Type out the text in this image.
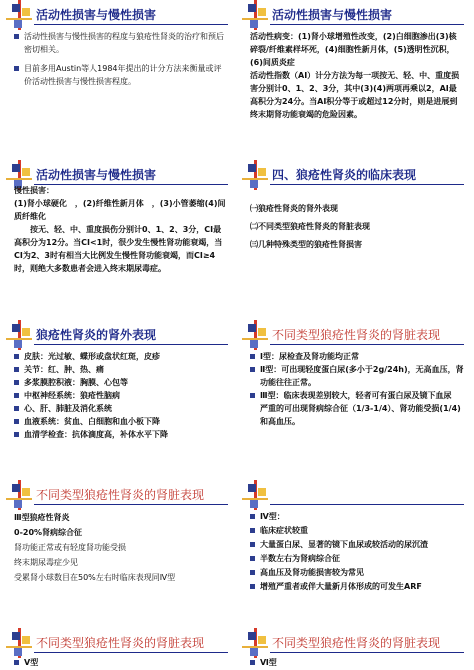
活动性损害与慢性损害
活动性损害与慢性损害的程度与狼疮性肾炎的治疗和预后密切相关。
目前多用Austin等人1984年提出的计分方法来衡量或评价活动性损害与慢性损害程度。
活动性损害与慢性损害
活动性病变：(1)肾小球增殖性改变，(2)白细胞渗出(3)核碎裂/纤维素样坏死，(4)细胞性新月体，(5)透明性沉积，(6)间质炎症
活动性指数（AI）计分方法为每一项按无、轻、中、重度损害分别计0、1、2、3分，其中(3)(4)两项再乘以2，AI最高积分为24分。当AI积分等于或超过12分时，则是进展到终末期肾功能衰竭的危险因素。
活动性损害与慢性损害
慢性损害：
(1)肾小球硬化　，(2)纤维性新月体　，(3)小管萎缩(4)间质纤维化
　　按无、轻、中、重度损伤分别计0、1、2、3分，CI最高积分为12分。当CI<1时，很少发生慢性肾功能衰竭，当CI为2、3时有相当大比例发生慢性肾功能衰竭，而CI≥4时，则绝大多数患者会进入终末期尿毒症。
四、狼疮性肾炎的临床表现
㈠狼疮性肾炎的肾外表现
㈡不同类型狼疮性肾炎的肾脏表现
㈢几种特殊类型的狼疮性肾损害
狼疮性肾炎的肾外表现
皮肤：光过敏、蝶形或盘状红斑，皮疹
关节：红、肿、热、痛
多浆膜腔积液：胸膜、心包等
中枢神经系统：狼疮性脑病
心、肝、肺脏及消化系统
血液系统：贫血、白细胞和血小板下降
血清学检查：抗体滴度高，补体水平下降
不同类型狼疮性肾炎的肾脏表现
Ⅰ型：尿检查及肾功能均正常
Ⅱ型：可出现轻度蛋白尿(多小于2g/24h)，无高血压，肾功能往往正常。
Ⅲ型：临床表现差别较大，轻者可有蛋白尿及镜下血尿　严重的可出现肾病综合征（1/3-1/4）、肾功能受损(1/4)和高血压。
不同类型狼疮性肾炎的肾脏表现
Ⅲ型狼疮性肾炎
0-20%肾病综合征
肾功能正常或有轻度肾功能受损
终末期尿毒症少见
受累肾小球数目在50%左右时临床表现同Ⅳ型
Ⅳ型：
临床症状较重
大量蛋白尿、显著的镜下血尿或较活动的尿沉渣
半数左右为肾病综合征
高血压及肾功能损害较为常见
增殖严重者或伴大量新月体形成的可发生ARF
不同类型狼疮性肾炎的肾脏表现
Ⅴ型
不同类型狼疮性肾炎的肾脏表现
Ⅵ型
